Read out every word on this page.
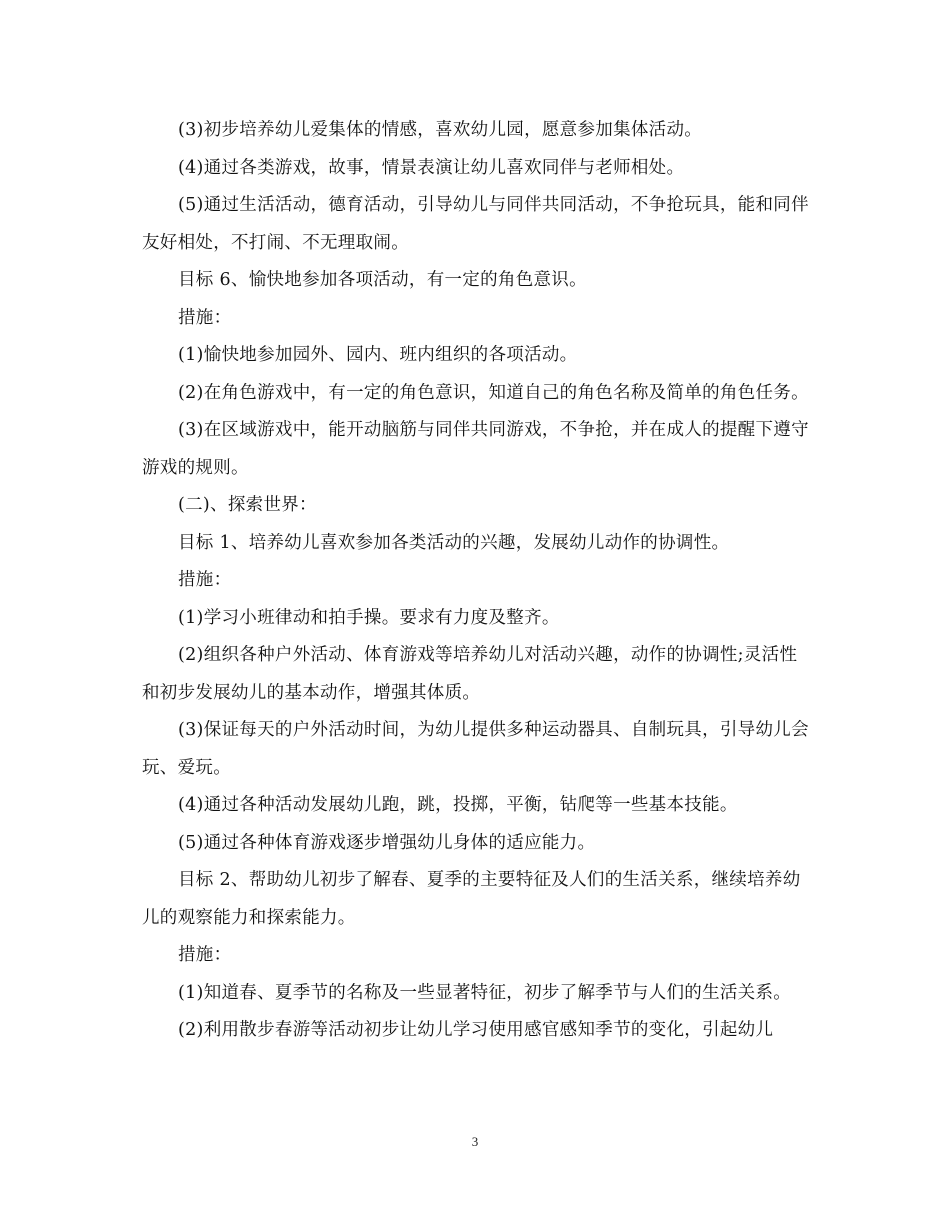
(3)初步培养幼儿爱集体的情感，喜欢幼儿园，愿意参加集体活动。

(4)通过各类游戏，故事，情景表演让幼儿喜欢同伴与老师相处。

(5)通过生活活动，德育活动，引导幼儿与同伴共同活动，不争抢玩具，能和同伴友好相处，不打闹、不无理取闹。

目标 6、愉快地参加各项活动，有一定的角色意识。

措施：

(1)愉快地参加园外、园内、班内组织的各项活动。

(2)在角色游戏中，有一定的角色意识，知道自己的角色名称及简单的角色任务。

(3)在区域游戏中，能开动脑筋与同伴共同游戏，不争抢，并在成人的提醒下遵守游戏的规则。

(二)、探索世界：

目标 1、培养幼儿喜欢参加各类活动的兴趣，发展幼儿动作的协调性。

措施：

(1)学习小班律动和拍手操。要求有力度及整齐。

(2)组织各种户外活动、体育游戏等培养幼儿对活动兴趣，动作的协调性;灵活性和初步发展幼儿的基本动作，增强其体质。

(3)保证每天的户外活动时间，为幼儿提供多种运动器具、自制玩具，引导幼儿会玩、爱玩。

(4)通过各种活动发展幼儿跑，跳，投掷，平衡，钻爬等一些基本技能。

(5)通过各种体育游戏逐步增强幼儿身体的适应能力。

目标 2、帮助幼儿初步了解春、夏季的主要特征及人们的生活关系，继续培养幼儿的观察能力和探索能力。

措施：

(1)知道春、夏季节的名称及一些显著特征，初步了解季节与人们的生活关系。

(2)利用散步春游等活动初步让幼儿学习使用感官感知季节的变化，引起幼儿

3
